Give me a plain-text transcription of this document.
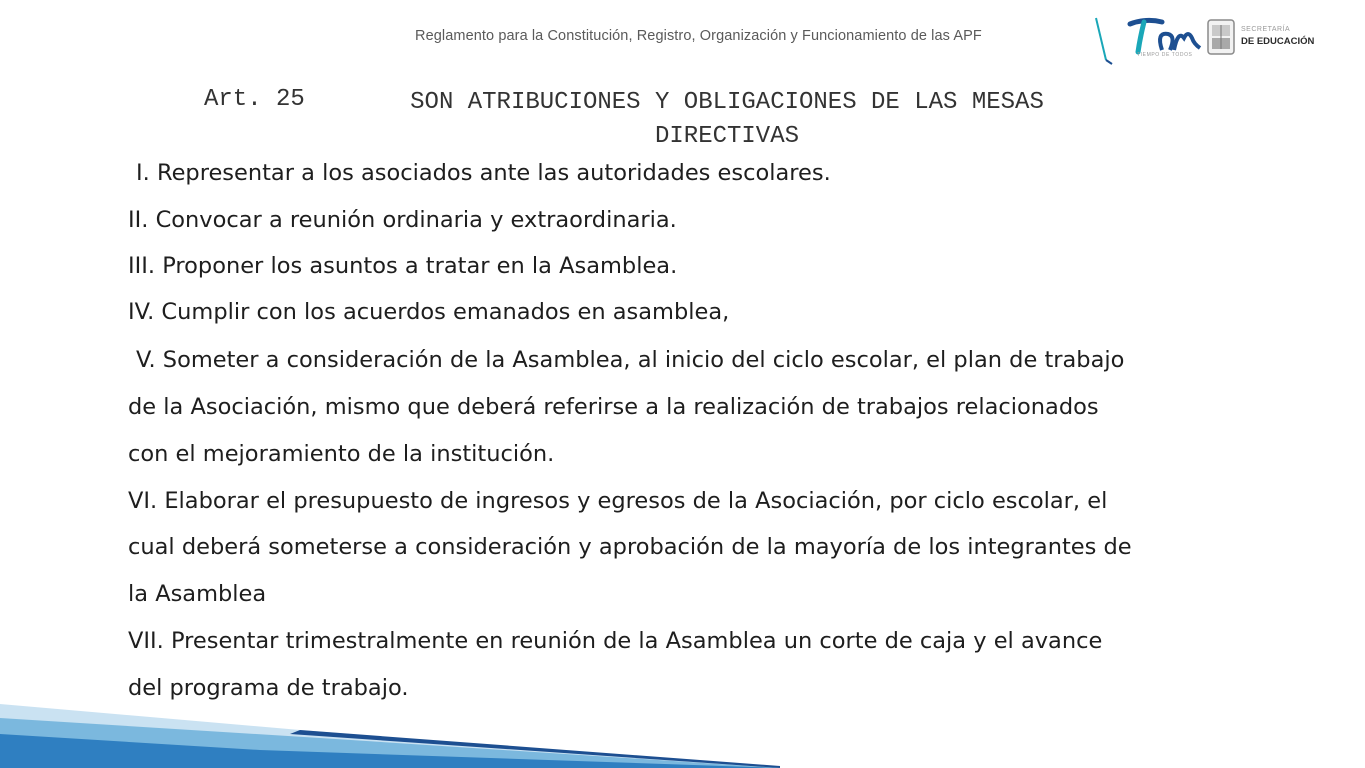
Reglamento para la Constitución, Registro, Organización y Funcionamiento de las APF
TIEMPO DE TODOS
SECRETARÍA
DE EDUCACIÓN
Art. 25	SON ATRIBUCIONES Y OBLIGACIONES DE LAS MESAS DIRECTIVAS
I. Representar a los asociados ante las autoridades escolares.
II. Convocar a reunión ordinaria y extraordinaria.
III. Proponer los asuntos a tratar en la Asamblea.
IV. Cumplir con los acuerdos emanados en asamblea,
V. Someter a consideración de la Asamblea, al inicio del ciclo escolar, el plan de trabajo
de la Asociación, mismo que deberá referirse a la realización de trabajos relacionados
con el mejoramiento de la institución.
VI. Elaborar el presupuesto de ingresos y egresos de la Asociación, por ciclo escolar, el
cual deberá someterse a consideración y aprobación de la mayoría de los integrantes de
la Asamblea
VII. Presentar trimestralmente en reunión de la Asamblea un corte de caja y el avance
del programa de trabajo.
